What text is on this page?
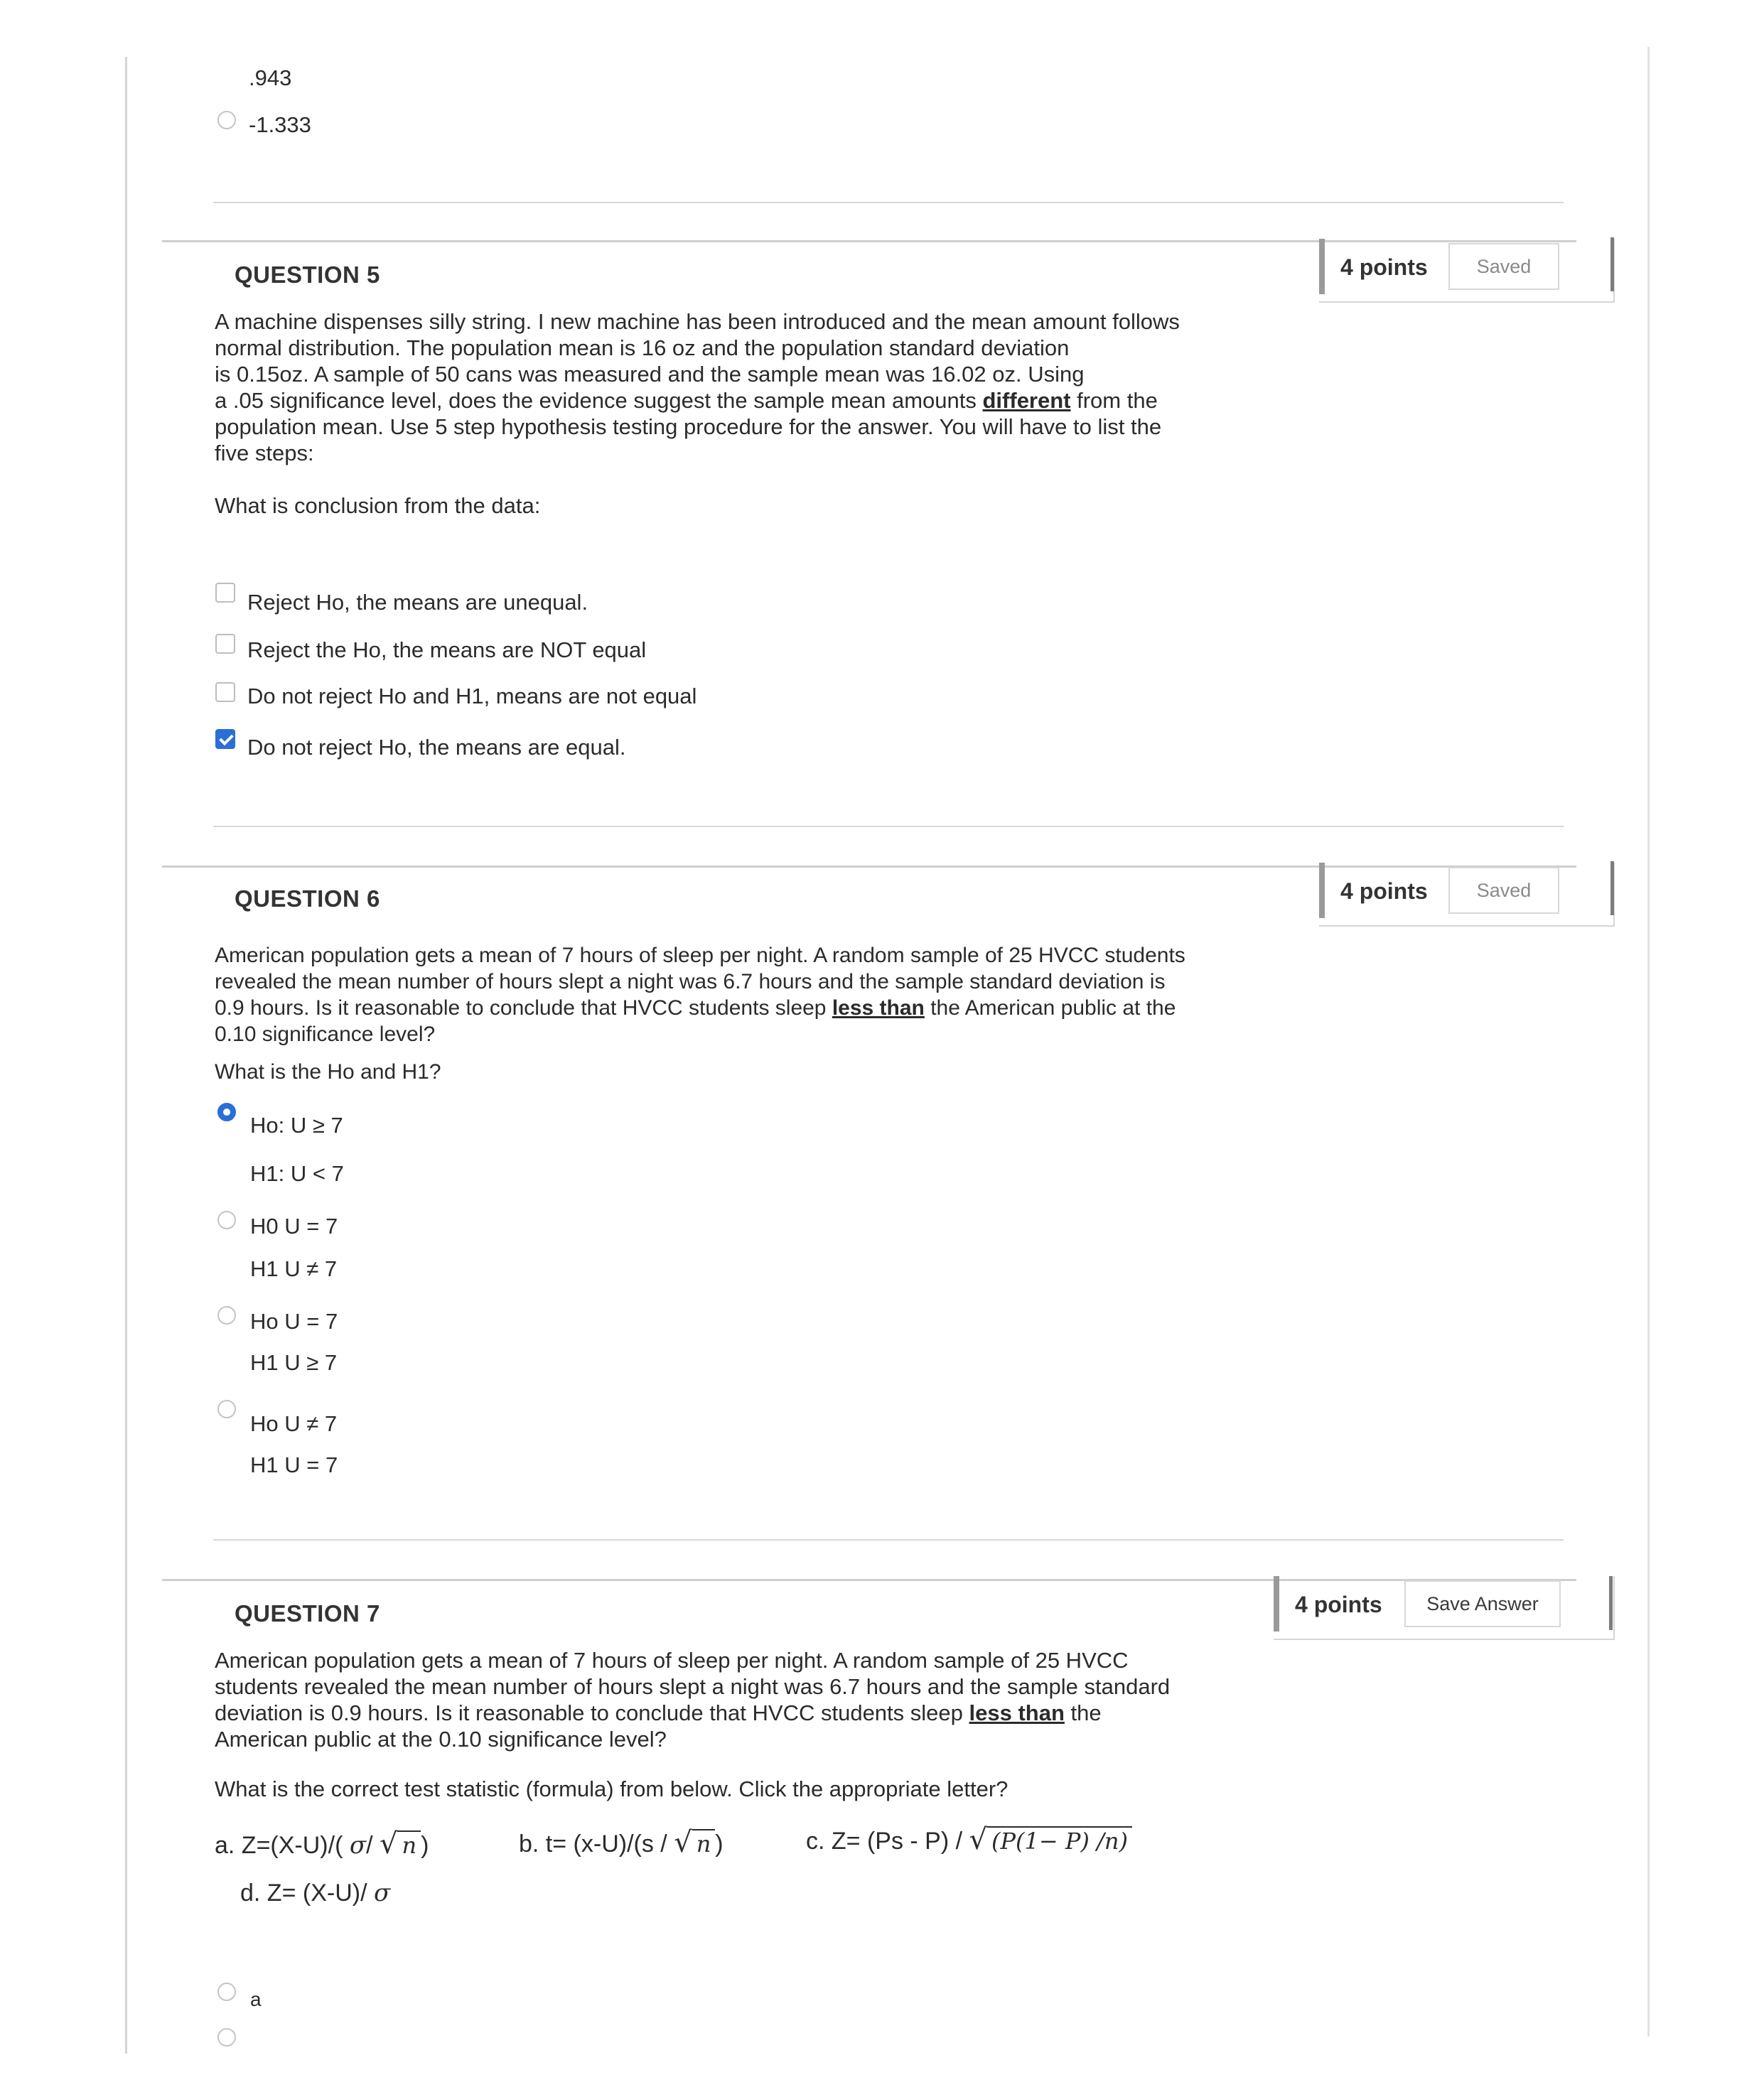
.943
-1.333
QUESTION 5	4 points	Saved
A machine dispenses silly string. I new machine has been introduced and the mean amount follows
normal distribution. The population mean is 16 oz and the population standard deviation
is 0.15oz. A sample of 50 cans was measured and the sample mean was 16.02 oz. Using
a .05 significance level, does the evidence suggest the sample mean amounts different from the
population mean. Use 5 step hypothesis testing procedure for the answer. You will have to list the
five steps:
What is conclusion from the data:
Reject Ho, the means are unequal.
Reject the Ho, the means are NOT equal
Do not reject Ho and H1, means are not equal
Do not reject Ho, the means are equal.
QUESTION 6	4 points	Saved
American population gets a mean of 7 hours of sleep per night. A random sample of 25 HVCC students
revealed the mean number of hours slept a night was 6.7 hours and the sample standard deviation is
0.9 hours. Is it reasonable to conclude that HVCC students sleep less than the American public at the
0.10 significance level?
What is the Ho and H1?
Ho: U ≥ 7
H1: U < 7
H0 U = 7
H1 U ≠ 7
Ho U = 7
H1 U ≥ 7
Ho U ≠ 7
H1 U = 7
QUESTION 7	4 points	Save Answer
American population gets a mean of 7 hours of sleep per night. A random sample of 25 HVCC
students revealed the mean number of hours slept a night was 6.7 hours and the sample standard
deviation is 0.9 hours. Is it reasonable to conclude that HVCC students sleep less than the
American public at the 0.10 significance level?
What is the correct test statistic (formula) from below. Click the appropriate letter?
a. Z=(X-U)/( σ/ √ n )	b. t= (x-U)/(s / √ n )	c. Z= (Ps - P) / √ (P(1− P) /n)
d. Z= (X-U)/ σ
a
